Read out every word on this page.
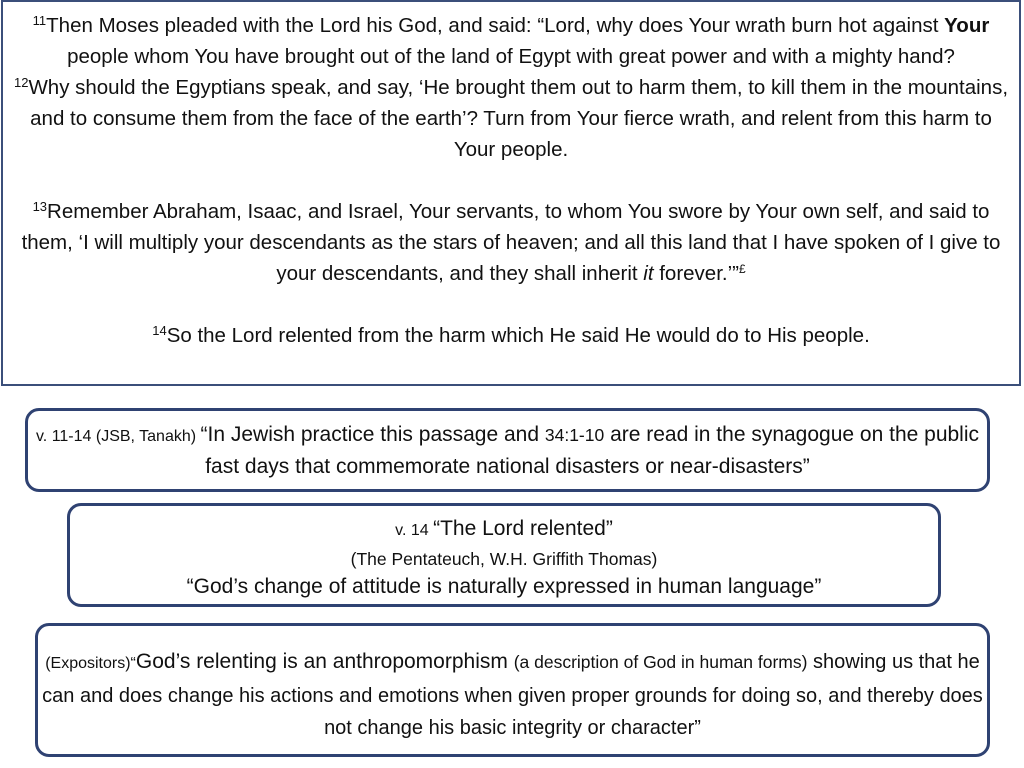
$^{11}$Then Moses pleaded with the Lord his God, and said: “Lord, why does Your wrath burn hot against Your people whom You have brought out of the land of Egypt with great power and with a mighty hand?

$^{12}$Why should the Egyptians speak, and say, ‘He brought them out to harm them, to kill them in the mountains, and to consume them from the face of the earth’? Turn from Your fierce wrath, and relent from this harm to Your people.

$^{13}$Remember Abraham, Isaac, and Israel, Your servants, to whom You swore by Your own self, and said to them, ‘I will multiply your descendants as the stars of heaven; and all this land that I have spoken of I give to your descendants, and they shall inherit it forever.’”£

$^{14}$So the Lord relented from the harm which He said He would do to His people.

v. 11-14 (JSB, Tanakh) “In Jewish practice this passage and 34:1-10 are read in the synagogue on the public fast days that commemorate national disasters or near-disasters”
v. 14 “The Lord relented”
(The Pentateuch, W.H. Griffith Thomas)
“God’s change of attitude is naturally expressed in human language”
(Expositors)“God’s relenting is an anthropomorphism (a description of God in human forms) showing us that he can and does change his actions and emotions when given proper grounds for doing so, and thereby does not change his basic integrity or character”
